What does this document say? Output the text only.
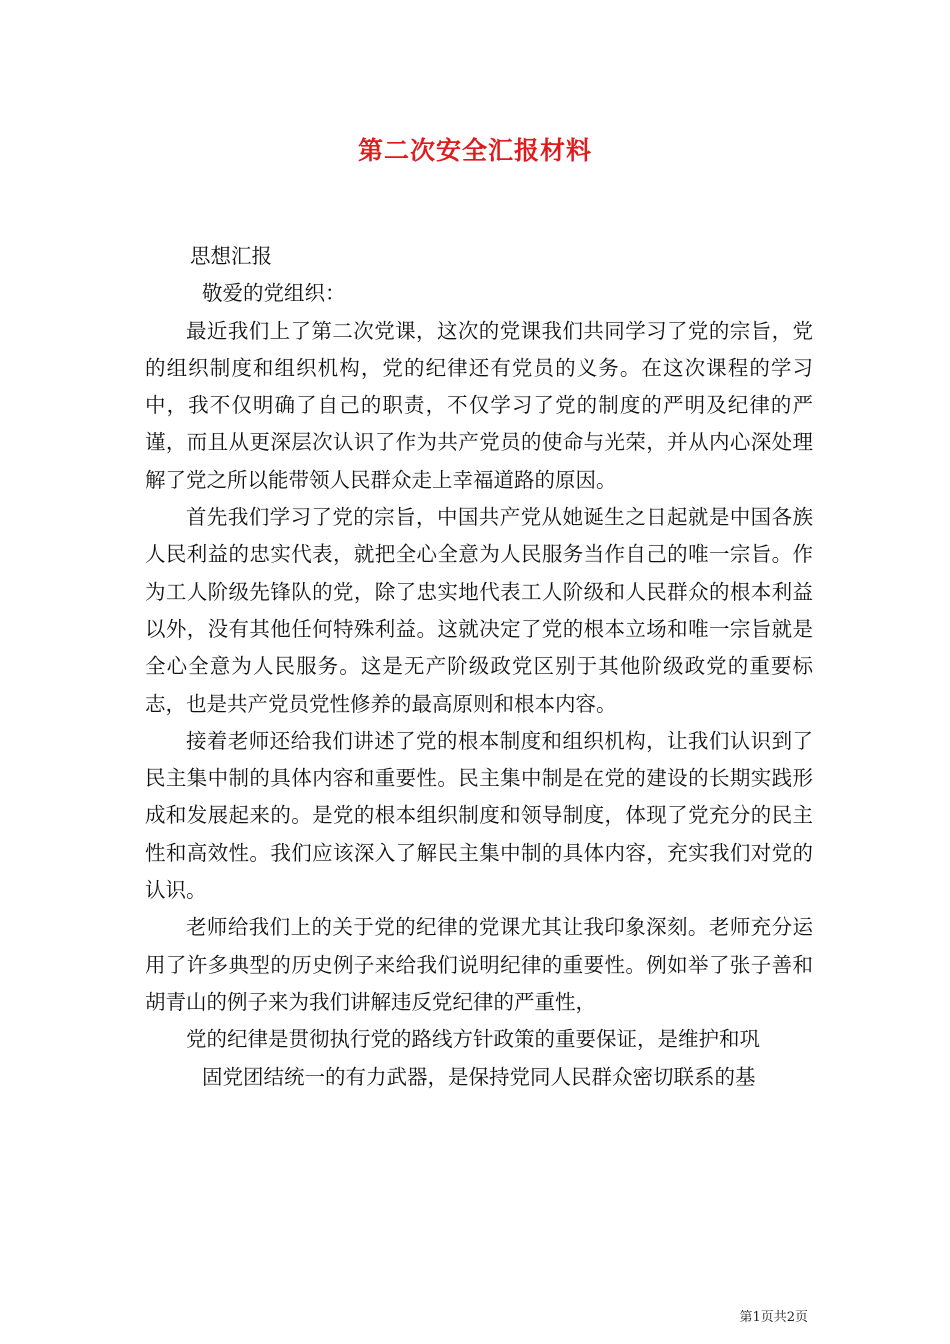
第二次安全汇报材料

思想汇报

敬爱的党组织：

最近我们上了第二次党课，这次的党课我们共同学习了党的宗旨，党的组织制度和组织机构，党的纪律还有党员的义务。在这次课程的学习中，我不仅明确了自己的职责，不仅学习了党的制度的严明及纪律的严谨，而且从更深层次认识了作为共产党员的使命与光荣，并从内心深处理解了党之所以能带领人民群众走上幸福道路的原因。

首先我们学习了党的宗旨，中国共产党从她诞生之日起就是中国各族人民利益的忠实代表，就把全心全意为人民服务当作自己的唯一宗旨。作为工人阶级先锋队的党，除了忠实地代表工人阶级和人民群众的根本利益以外，没有其他任何特殊利益。这就决定了党的根本立场和唯一宗旨就是全心全意为人民服务。这是无产阶级政党区别于其他阶级政党的重要标志，也是共产党员党性修养的最高原则和根本内容。

接着老师还给我们讲述了党的根本制度和组织机构，让我们认识到了民主集中制的具体内容和重要性。民主集中制是在党的建设的长期实践形成和发展起来的。是党的根本组织制度和领导制度，体现了党充分的民主性和高效性。我们应该深入了解民主集中制的具体内容，充实我们对党的认识。

老师给我们上的关于党的纪律的党课尤其让我印象深刻。老师充分运用了许多典型的历史例子来给我们说明纪律的重要性。例如举了张子善和胡青山的例子来为我们讲解违反党纪律的严重性，

党的纪律是贯彻执行党的路线方针政策的重要保证，是维护和巩

固党团结统一的有力武器，是保持党同人民群众密切联系的基

第1页共2页
